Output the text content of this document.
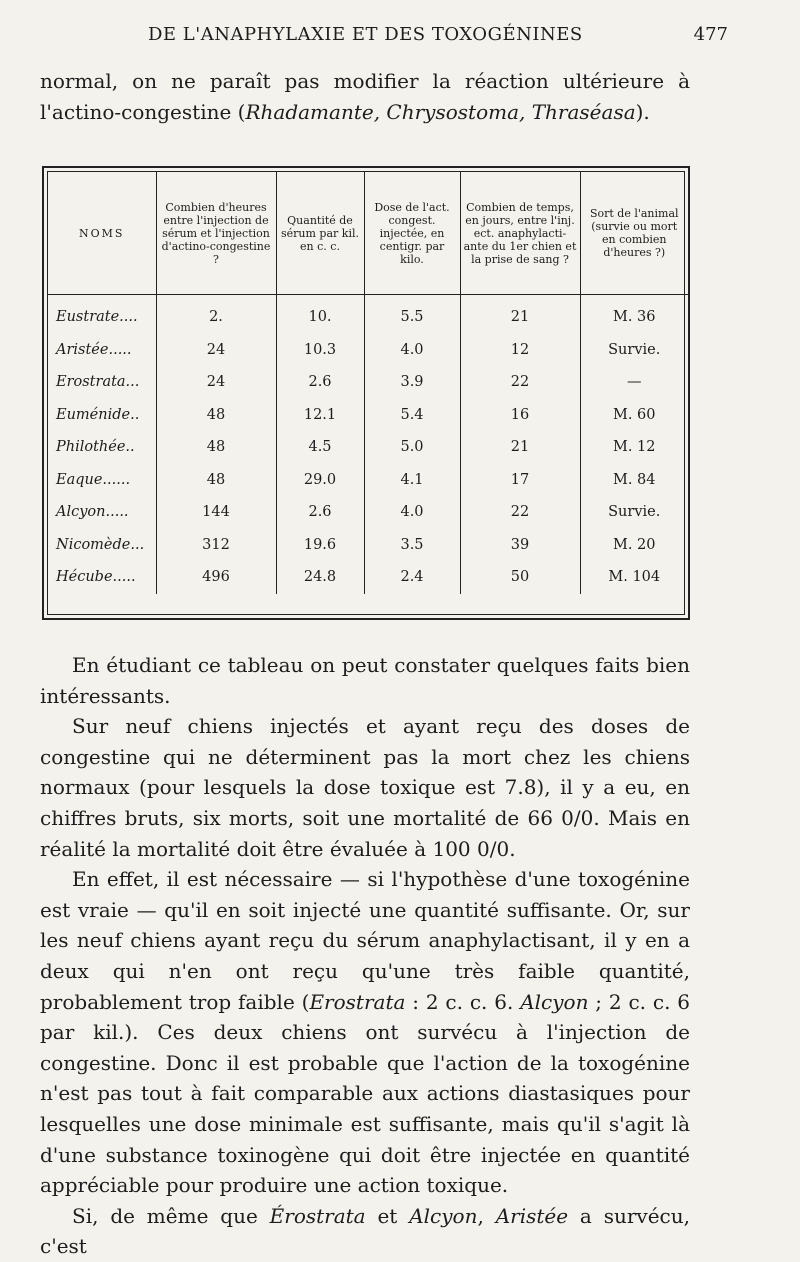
DE L'ANAPHYLAXIE ET DES TOXOGÉNINES	477
normal, on ne paraît pas modifier la réaction ultérieure à
l'actino-congestine (Rhadamante, Chrysostoma, Thraséasa).
NOMS	Combien d'heures entre l'injection de sérum et l'injection d'actino-congestine ?	Quantité de sérum par kil. en c. c.	Dose de l'act. congest. injectée, en centigr. par kilo.	Combien de temps, en jours, entre l'inj. ect. anaphylacti-ante du 1er chien et la prise de sang ?	Sort de l'animal (survie ou mort en combien d'heures ?)
Eustrate....	2.	10.	5.5	21	M. 36
Aristée.....	24	10.3	4.0	12	Survie.
Erostrata...	24	2.6	3.9	22	—
Euménide..	48	12.1	5.4	16	M. 60
Philothée..	48	4.5	5.0	21	M. 12
Eaque......	48	29.0	4.1	17	M. 84
Alcyon.....	144	2.6	4.0	22	Survie.
Nicomède...	312	19.6	3.5	39	M. 20
Hécube.....	496	24.8	2.4	50	M. 104

En étudiant ce tableau on peut constater quelques faits bien intéressants.

Sur neuf chiens injectés et ayant reçu des doses de congestine qui ne déterminent pas la mort chez les chiens normaux (pour lesquels la dose toxique est 7.8), il y a eu, en chiffres bruts, six morts, soit une mortalité de 66 0/0. Mais en réalité la mortalité doit être évaluée à 100 0/0.

En effet, il est nécessaire — si l'hypothèse d'une toxogénine est vraie — qu'il en soit injecté une quantité suffisante. Or, sur les neuf chiens ayant reçu du sérum anaphylactisant, il y en a deux qui n'en ont reçu qu'une très faible quantité, probablement trop faible (Erostrata : 2 c. c. 6. Alcyon ; 2 c. c. 6 par kil.). Ces deux chiens ont survécu à l'injection de congestine. Donc il est probable que l'action de la toxogénine n'est pas tout à fait comparable aux actions diastasiques pour lesquelles une dose minimale est suffisante, mais qu'il s'agit là d'une substance toxinogène qui doit être injectée en quantité appréciable pour produire une action toxique.

Si, de même que Érostrata et Alcyon, Aristée a survécu, c'est
